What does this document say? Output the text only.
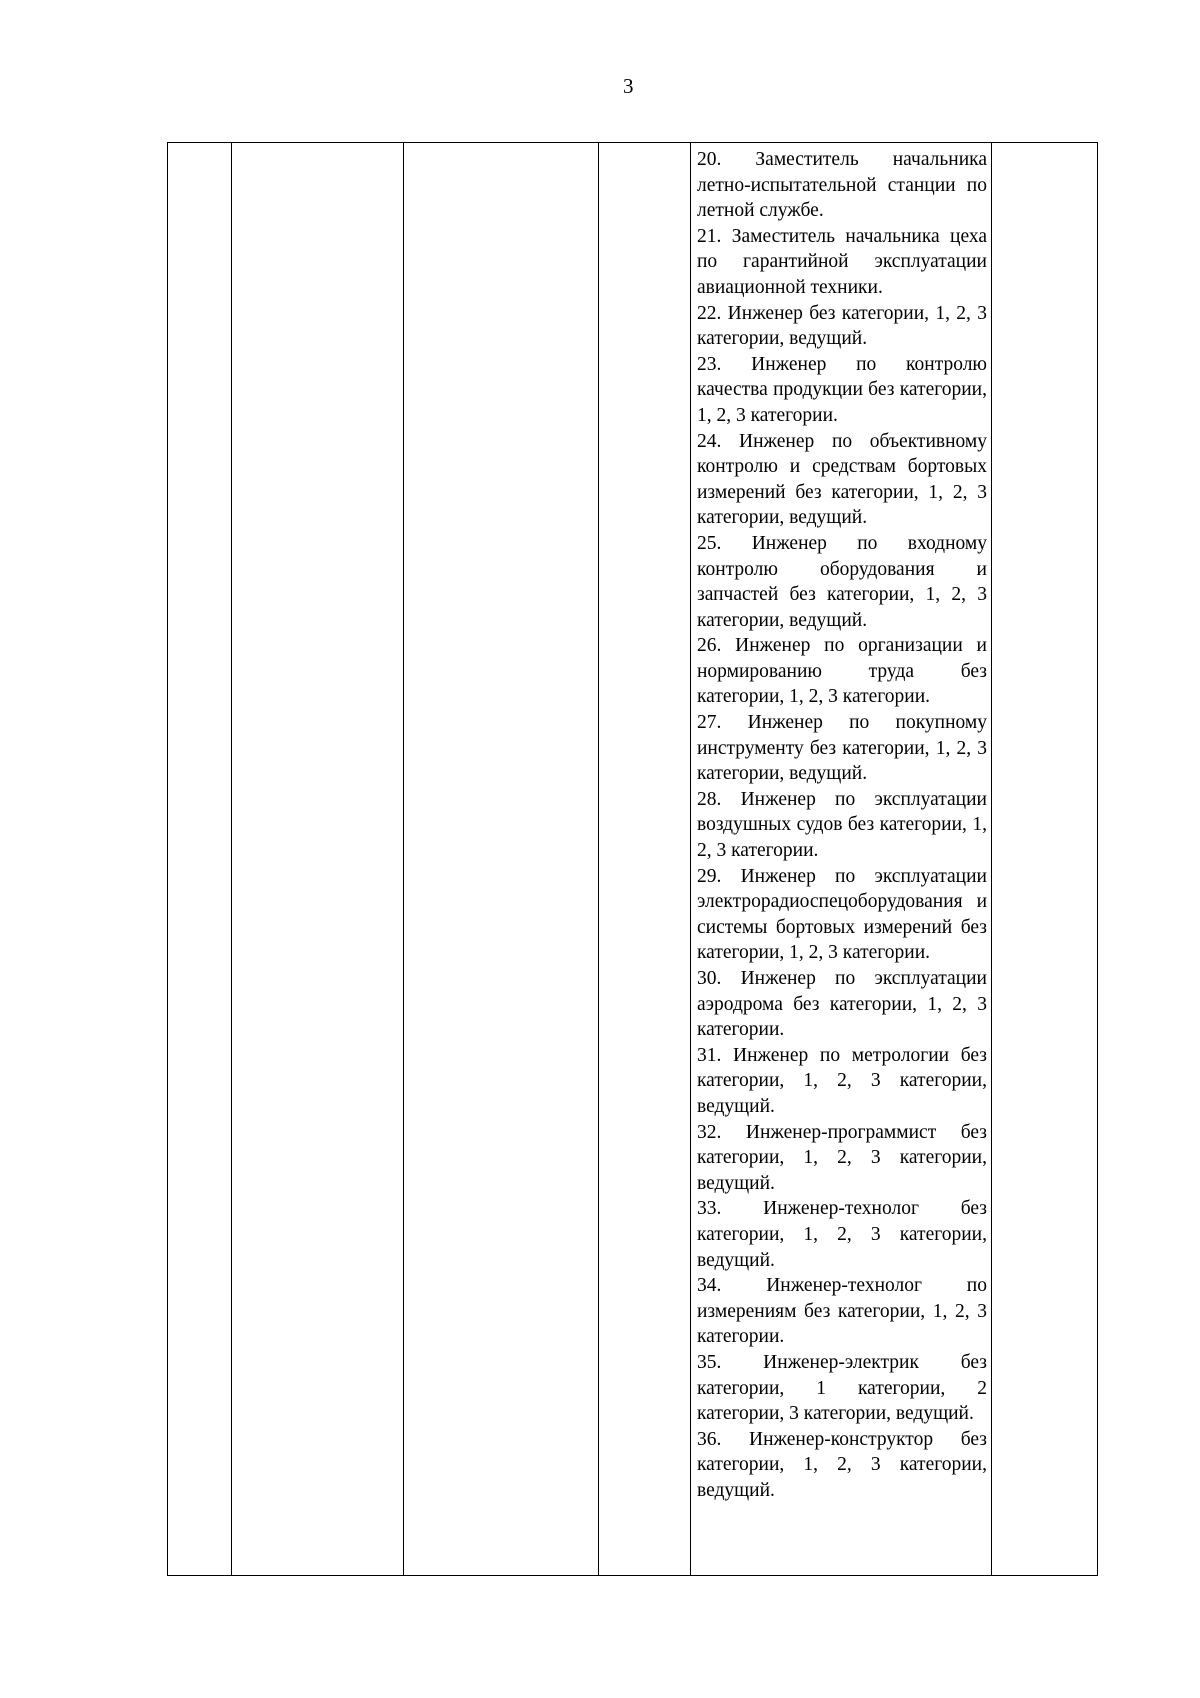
3

20. Заместитель начальника летно-испытательной станции по летной службе.

21. Заместитель начальника цеха по гарантийной эксплуатации авиационной техники.

22. Инженер без категории, 1, 2, 3 категории, ведущий.

23. Инженер по контролю качества продукции без категории, 1, 2, 3 категории.

24. Инженер по объективному контролю и средствам бортовых измерений без категории, 1, 2, 3 категории, ведущий.

25. Инженер по входному контролю оборудования и запчастей без категории, 1, 2, 3 категории, ведущий.

26. Инженер по организации и нормированию труда без категории, 1, 2, 3 категории.

27. Инженер по покупному инструменту без категории, 1, 2, 3 категории, ведущий.

28. Инженер по эксплуатации воздушных судов без категории, 1, 2, 3 категории.

29. Инженер по эксплуатации электрорадиоспецоборудования и системы бортовых измерений без категории, 1, 2, 3 категории.

30. Инженер по эксплуатации аэродрома без категории, 1, 2, 3 категории.

31. Инженер по метрологии без категории, 1, 2, 3 категории, ведущий.

32. Инженер-программист без категории, 1, 2, 3 категории, ведущий.

33. Инженер-технолог без категории, 1, 2, 3 категории, ведущий.

34. Инженер-технолог по измерениям без категории, 1, 2, 3 категории.

35. Инженер-электрик без категории, 1 категории, 2 категории, 3 категории, ведущий.

36. Инженер-конструктор без категории, 1, 2, 3 категории, ведущий.
